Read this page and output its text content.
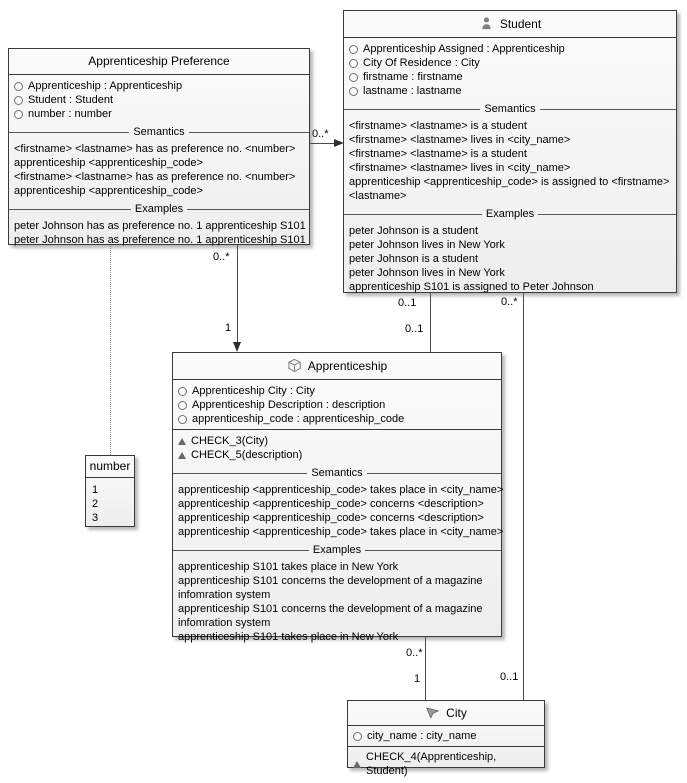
0..*
0..*
1
0..1
0..1
0..*
0..1
0..*
1
Apprenticeship Preference
Apprenticeship : Apprenticeship
Student : Student
number : number
Semantics
<firstname> <lastname> has as preference no. <number>
apprenticeship <apprenticeship_code>
<firstname> <lastname> has as preference no. <number>
apprenticeship <apprenticeship_code>
Examples
peter Johnson has as preference no. 1 apprenticeship S101
peter Johnson has as preference no. 1 apprenticeship S101
Student
Apprenticeship Assigned : Apprenticeship
City Of Residence : City
firstname : firstname
lastname : lastname
Semantics
<firstname> <lastname> is a student
<firstname> <lastname> lives in <city_name>
<firstname> <lastname> is a student
<firstname> <lastname> lives in <city_name>
apprenticeship <apprenticeship_code> is assigned to <firstname>
<lastname>
Examples
peter Johnson is a student
peter Johnson lives in New York
peter Johnson is a student
peter Johnson lives in New York
apprenticeship S101 is assigned to Peter Johnson
Apprenticeship
Apprenticeship City : City
Apprenticeship Description : description
apprenticeship_code : apprenticeship_code
CHECK_3(City)
CHECK_5(description)
Semantics
apprenticeship <apprenticeship_code> takes place in <city_name>
apprenticeship <apprenticeship_code> concerns <description>
apprenticeship <apprenticeship_code> concerns <description>
apprenticeship <apprenticeship_code> takes place in <city_name>
Examples
apprenticeship S101 takes place in New York
apprenticeship S101 concerns the development of a magazine
infomration system
apprenticeship S101 concerns the development of a magazine
infomration system
apprenticeship S101 takes place in New York
number
1
2
3
City
city_name : city_name
CHECK_4(Apprenticeship, Student)
